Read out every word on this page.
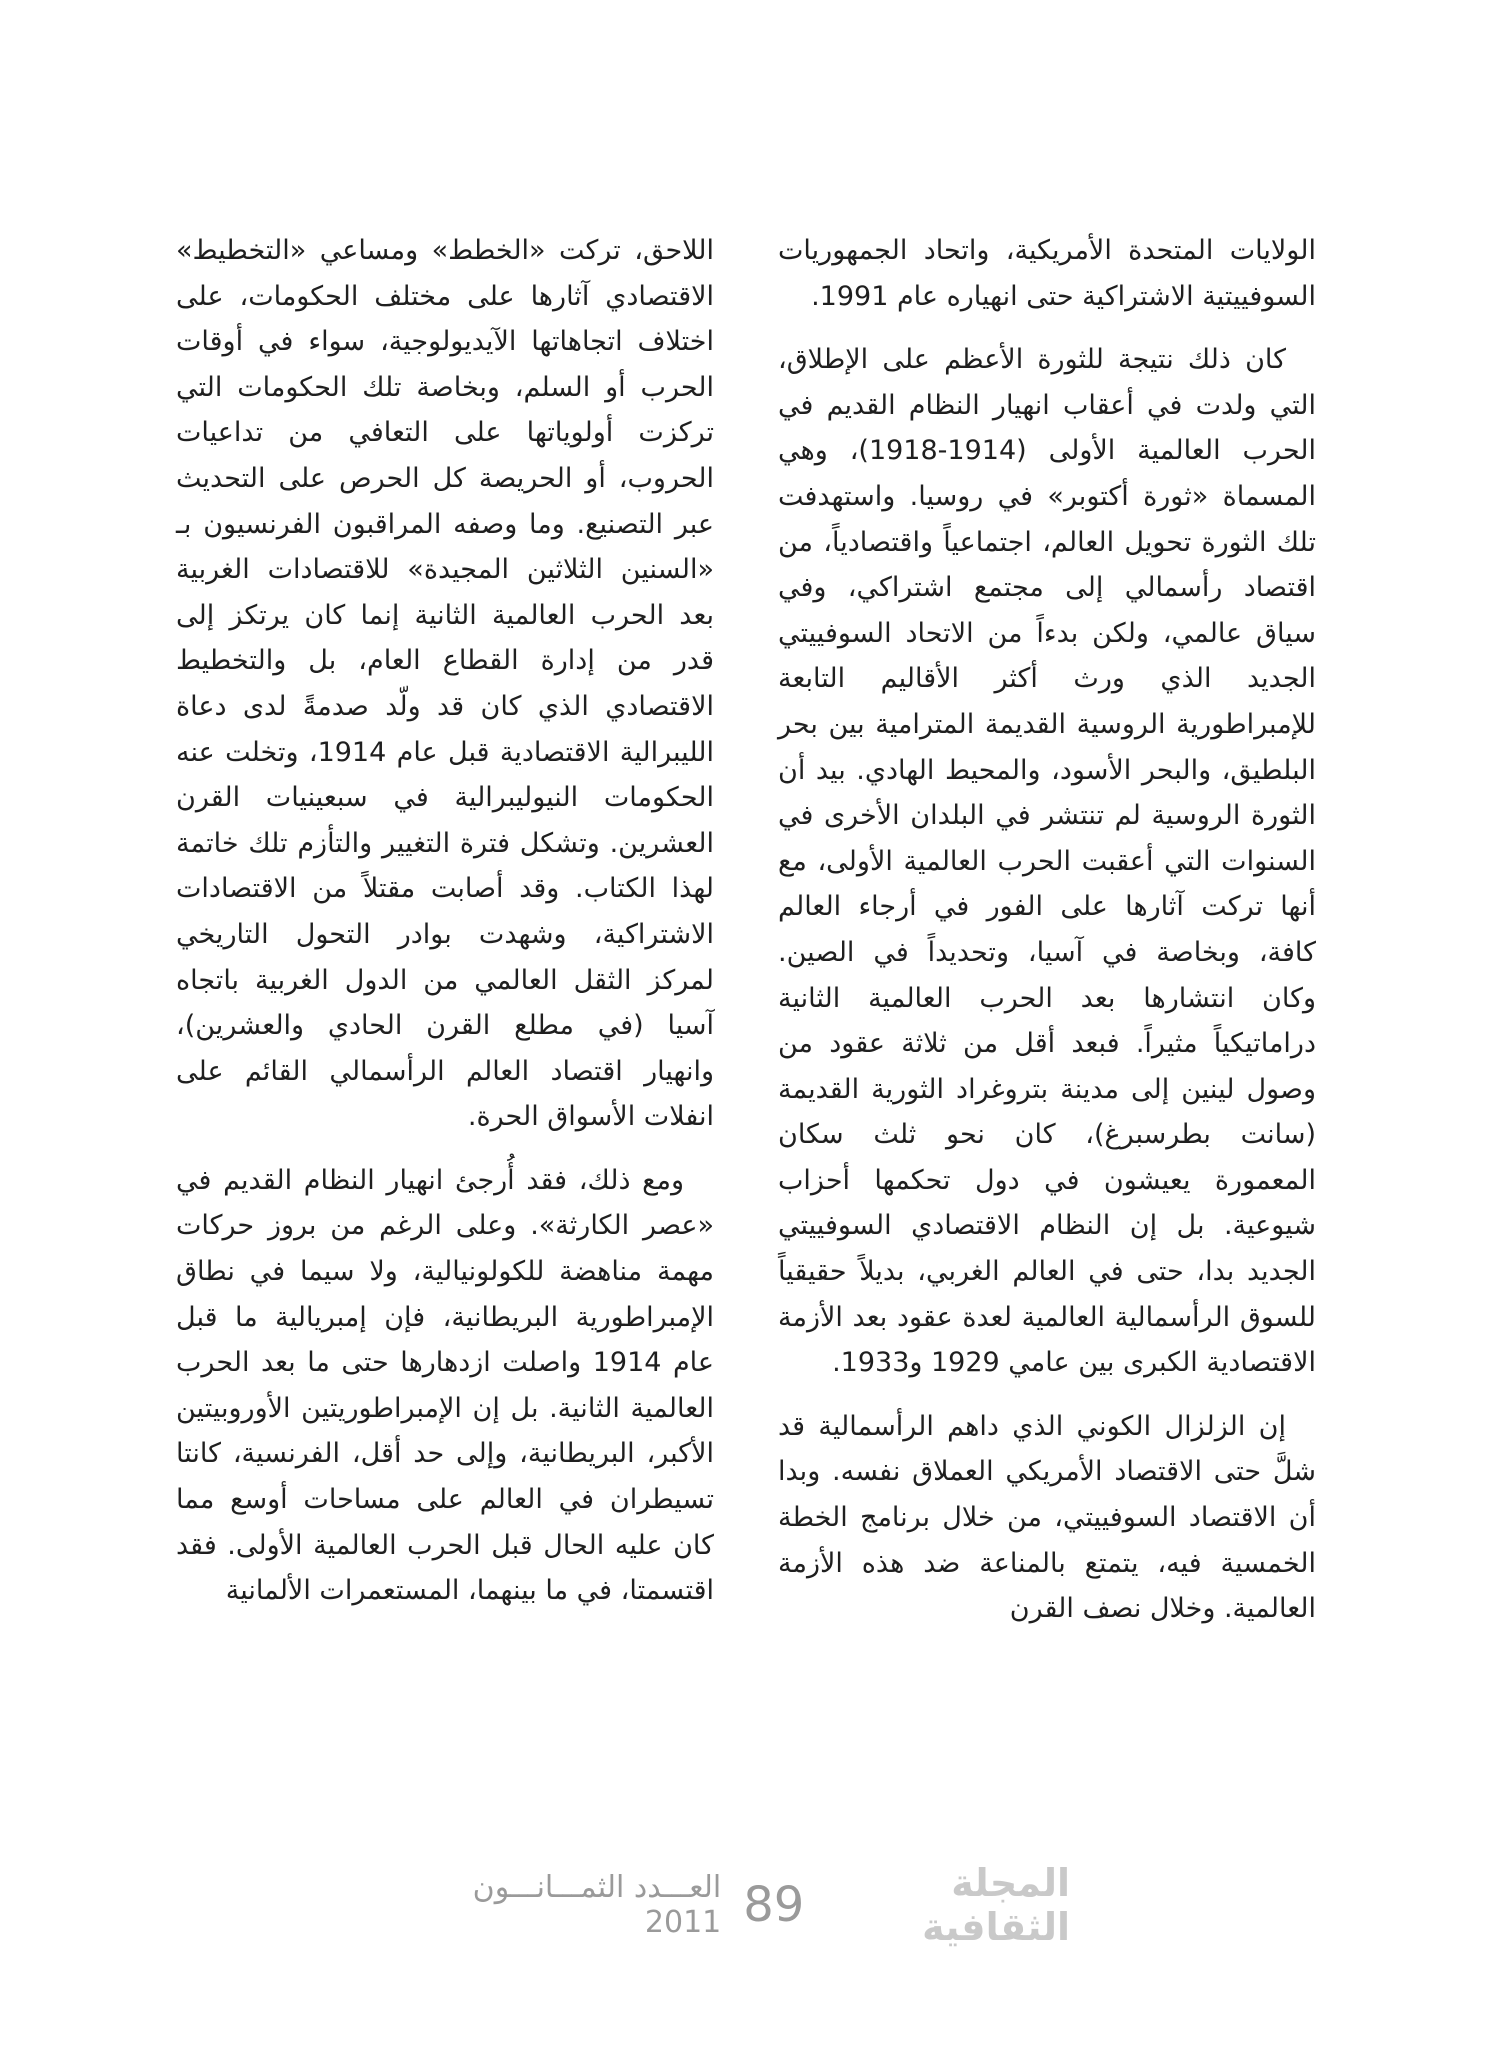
الولايات المتحدة الأمريكية، واتحاد الجمهوريات السوفييتية الاشتراكية حتى انهياره عام 1991.

كان ذلك نتيجة للثورة الأعظم على الإطلاق، التي ولدت في أعقاب انهيار النظام القديم في الحرب العالمية الأولى (1914-1918)، وهي المسماة «ثورة أكتوبر» في روسيا. واستهدفت تلك الثورة تحويل العالم، اجتماعياً واقتصادياً، من اقتصاد رأسمالي إلى مجتمع اشتراكي، وفي سياق عالمي، ولكن بدءاً من الاتحاد السوفييتي الجديد الذي ورث أكثر الأقاليم التابعة للإمبراطورية الروسية القديمة المترامية بين بحر البلطيق، والبحر الأسود، والمحيط الهادي. بيد أن الثورة الروسية لم تنتشر في البلدان الأخرى في السنوات التي أعقبت الحرب العالمية الأولى، مع أنها تركت آثارها على الفور في أرجاء العالم كافة، وبخاصة في آسيا، وتحديداً في الصين. وكان انتشارها بعد الحرب العالمية الثانية دراماتيكياً مثيراً. فبعد أقل من ثلاثة عقود من وصول لينين إلى مدينة بتروغراد الثورية القديمة (سانت بطرسبرغ)، كان نحو ثلث سكان المعمورة يعيشون في دول تحكمها أحزاب شيوعية. بل إن النظام الاقتصادي السوفييتي الجديد بدا، حتى في العالم الغربي، بديلاً حقيقياً للسوق الرأسمالية العالمية لعدة عقود بعد الأزمة الاقتصادية الكبرى بين عامي 1929 و1933.

إن الزلزال الكوني الذي داهم الرأسمالية قد شلَّ حتى الاقتصاد الأمريكي العملاق نفسه. وبدا أن الاقتصاد السوفييتي، من خلال برنامج الخطة الخمسية فيه، يتمتع بالمناعة ضد هذه الأزمة العالمية. وخلال نصف القرن

اللاحق، تركت «الخطط» ومساعي «التخطيط» الاقتصادي آثارها على مختلف الحكومات، على اختلاف اتجاهاتها الآيديولوجية، سواء في أوقات الحرب أو السلم، وبخاصة تلك الحكومات التي تركزت أولوياتها على التعافي من تداعيات الحروب، أو الحريصة كل الحرص على التحديث عبر التصنيع. وما وصفه المراقبون الفرنسيون بـ «السنين الثلاثين المجيدة» للاقتصادات الغربية بعد الحرب العالمية الثانية إنما كان يرتكز إلى قدر من إدارة القطاع العام، بل والتخطيط الاقتصادي الذي كان قد ولّد صدمةً لدى دعاة الليبرالية الاقتصادية قبل عام 1914، وتخلت عنه الحكومات النيوليبرالية في سبعينيات القرن العشرين. وتشكل فترة التغيير والتأزم تلك خاتمة لهذا الكتاب. وقد أصابت مقتلاً من الاقتصادات الاشتراكية، وشهدت بوادر التحول التاريخي لمركز الثقل العالمي من الدول الغربية باتجاه آسيا (في مطلع القرن الحادي والعشرين)، وانهيار اقتصاد العالم الرأسمالي القائم على انفلات الأسواق الحرة.

ومع ذلك، فقد أُرجئ انهيار النظام القديم في «عصر الكارثة». وعلى الرغم من بروز حركات مهمة مناهضة للكولونيالية، ولا سيما في نطاق الإمبراطورية البريطانية، فإن إمبريالية ما قبل عام 1914 واصلت ازدهارها حتى ما بعد الحرب العالمية الثانية. بل إن الإمبراطوريتين الأوروبيتين الأكبر، البريطانية، وإلى حد أقل، الفرنسية، كانتا تسيطران في العالم على مساحات أوسع مما كان عليه الحال قبل الحرب العالمية الأولى. فقد اقتسمتا، في ما بينهما، المستعمرات الألمانية

المجلة الثقافية
89
العـــدد الثمـــانـــون 2011
